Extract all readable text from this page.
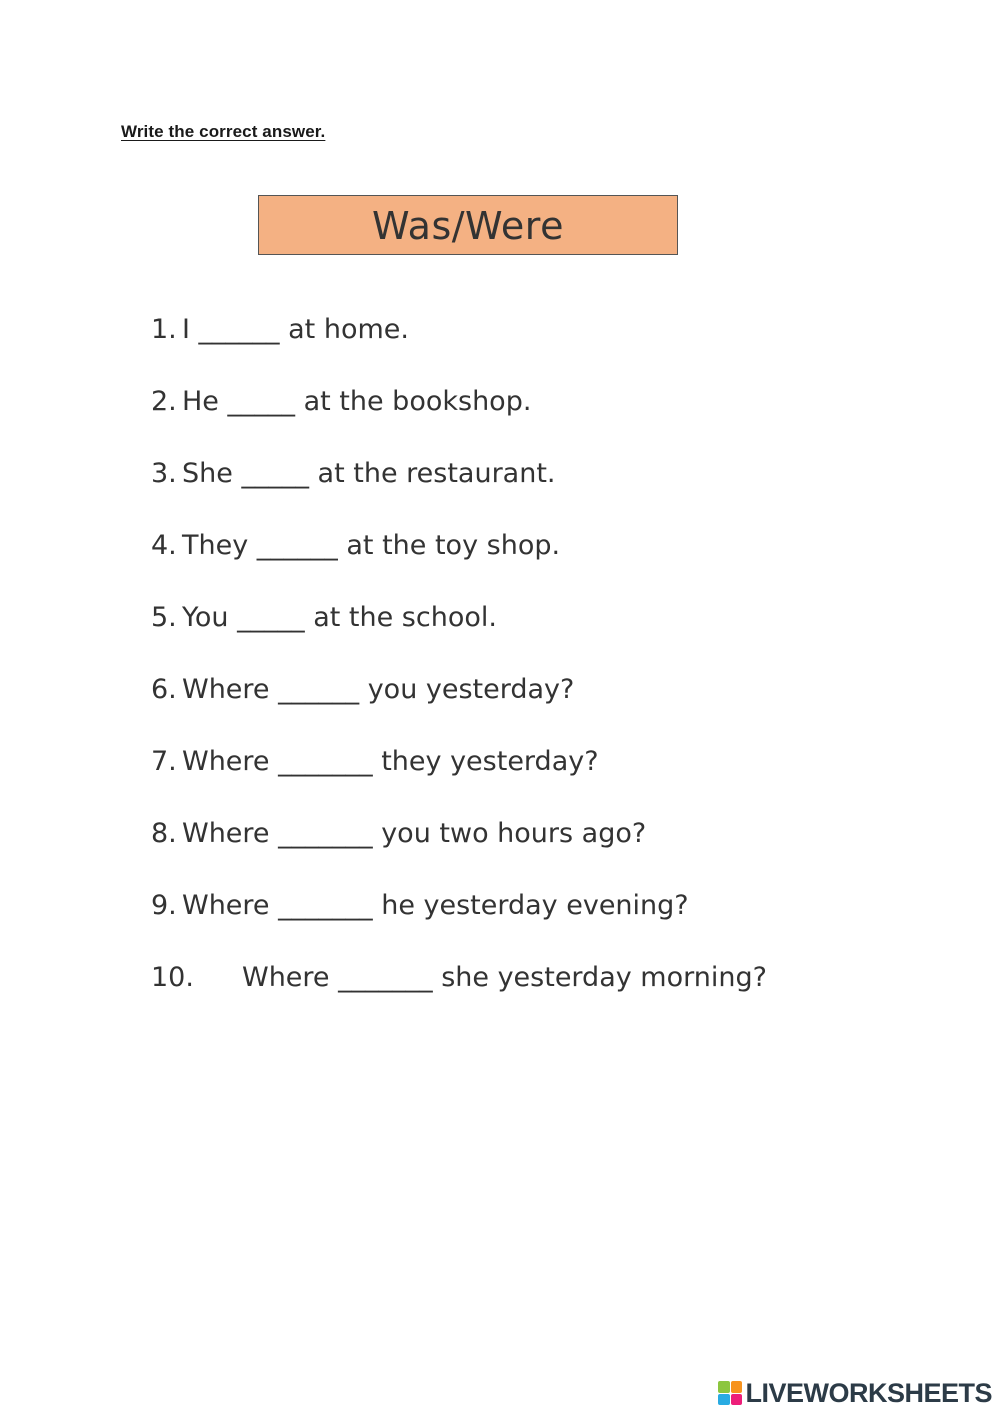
Write the correct answer.
Was/Were
1. I ______ at home.
2. He _____ at the bookshop.
3. She _____ at the restaurant.
4. They ______ at the toy shop.
5. You _____ at the school.
6. Where ______ you yesterday?
7. Where _______ they yesterday?
8. Where _______ you two hours ago?
9. Where _______ he yesterday evening?
10. Where _______ she yesterday morning?
LIVEWORKSHEETS
